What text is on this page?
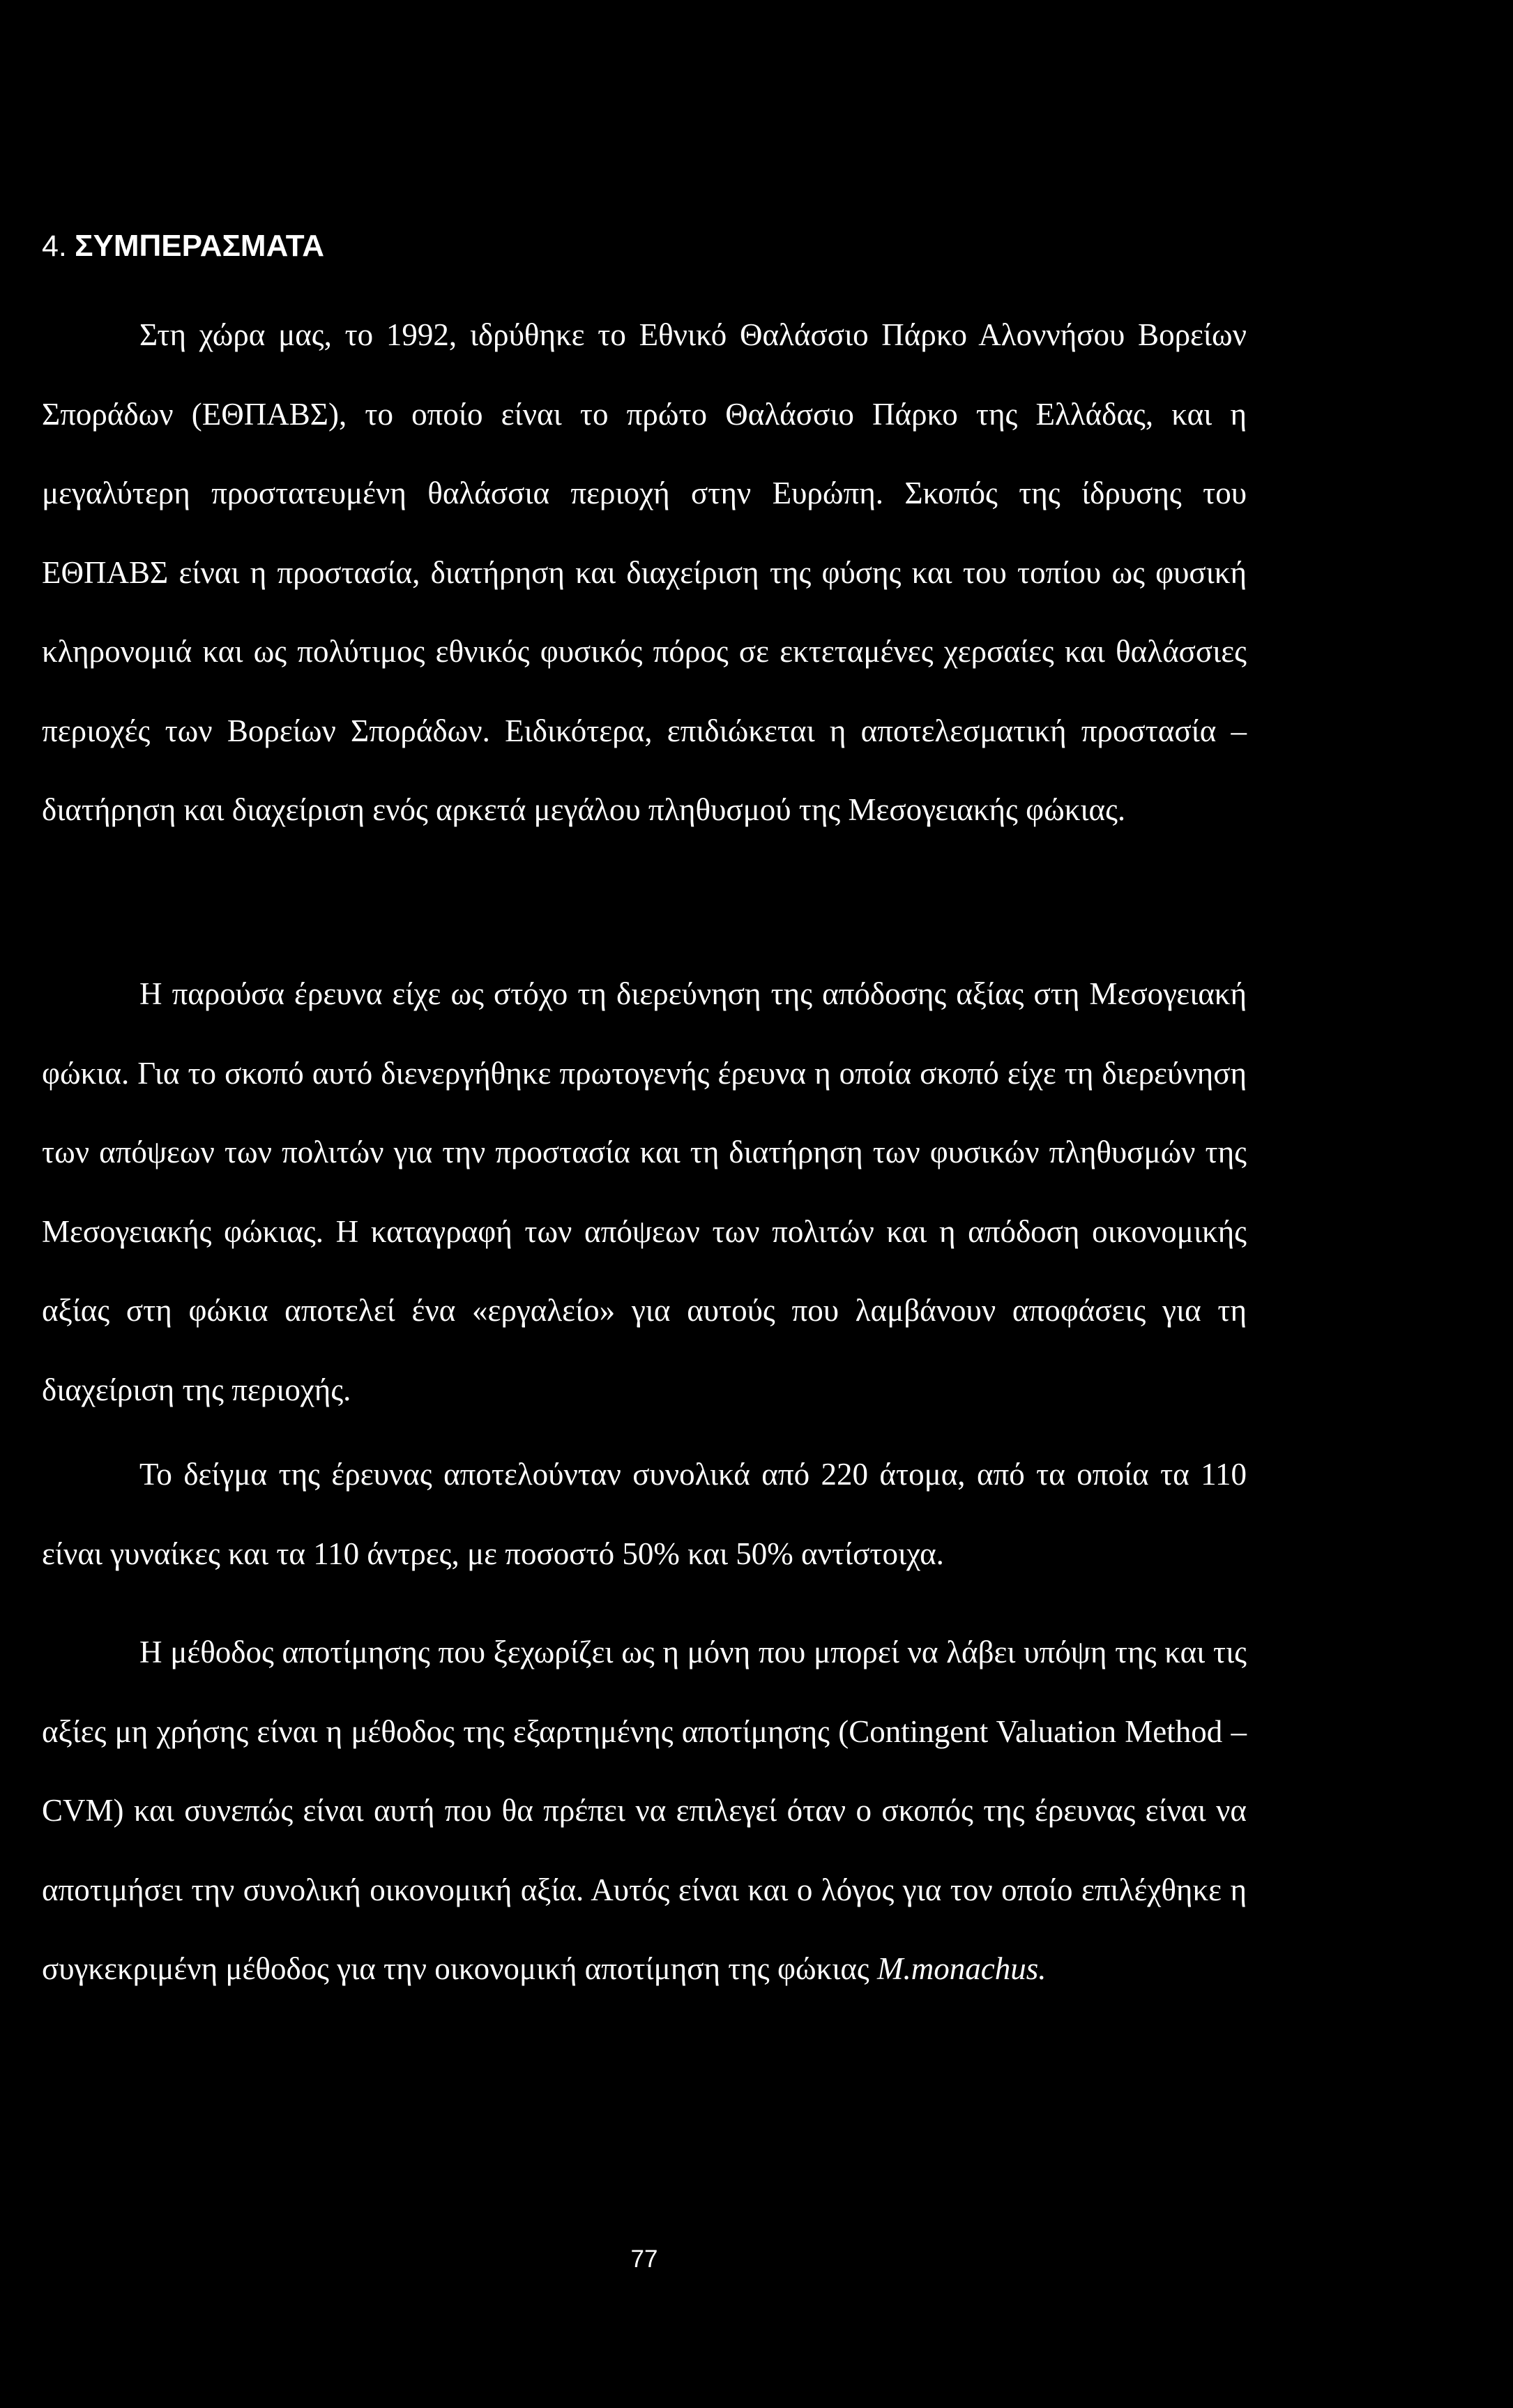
4. ΣΥΜΠΕΡΑΣΜΑΤΑ

Στη χώρα μας, το 1992, ιδρύθηκε το Εθνικό Θαλάσσιο Πάρκο Αλοννήσου Βορείων Σποράδων (ΕΘΠΑΒΣ), το οποίο είναι το πρώτο Θαλάσσιο Πάρκο της Ελλάδας, και η μεγαλύτερη προστατευμένη θαλάσσια περιοχή στην Ευρώπη. Σκοπός της ίδρυσης του ΕΘΠΑΒΣ είναι η προστασία, διατήρηση και διαχείριση της φύσης και του τοπίου ως φυσική κληρονομιά και ως πολύτιμος εθνικός φυσικός πόρος σε εκτεταμένες χερσαίες και θαλάσσιες περιοχές των Βορείων Σποράδων. Ειδικότερα, επιδιώκεται η αποτελεσματική προστασία – διατήρηση και διαχείριση ενός αρκετά μεγάλου πληθυσμού της Μεσογειακής φώκιας.

Η παρούσα έρευνα είχε ως στόχο τη διερεύνηση της απόδοσης αξίας στη Μεσογειακή φώκια. Για το σκοπό αυτό διενεργήθηκε πρωτογενής έρευνα η οποία σκοπό είχε τη διερεύνηση των απόψεων των πολιτών για την προστασία και τη διατήρηση των φυσικών πληθυσμών της Μεσογειακής φώκιας. Η καταγραφή των απόψεων των πολιτών και η απόδοση οικονομικής αξίας στη φώκια αποτελεί ένα «εργαλείο» για αυτούς που λαμβάνουν αποφάσεις για τη διαχείριση της περιοχής.

Το δείγμα της έρευνας αποτελούνταν συνολικά από 220 άτομα, από τα οποία τα 110 είναι γυναίκες και τα 110 άντρες, με ποσοστό 50% και 50% αντίστοιχα.

Η μέθοδος αποτίμησης που ξεχωρίζει ως η μόνη που μπορεί να λάβει υπόψη της και τις αξίες μη χρήσης είναι η μέθοδος της εξαρτημένης αποτίμησης (Contingent Valuation Method – CVM) και συνεπώς είναι αυτή που θα πρέπει να επιλεγεί όταν ο σκοπός της έρευνας είναι να αποτιμήσει την συνολική οικονομική αξία. Αυτός είναι και ο λόγος για τον οποίο επιλέχθηκε η συγκεκριμένη μέθοδος για την οικονομική αποτίμηση της φώκιας M.monachus.

77
